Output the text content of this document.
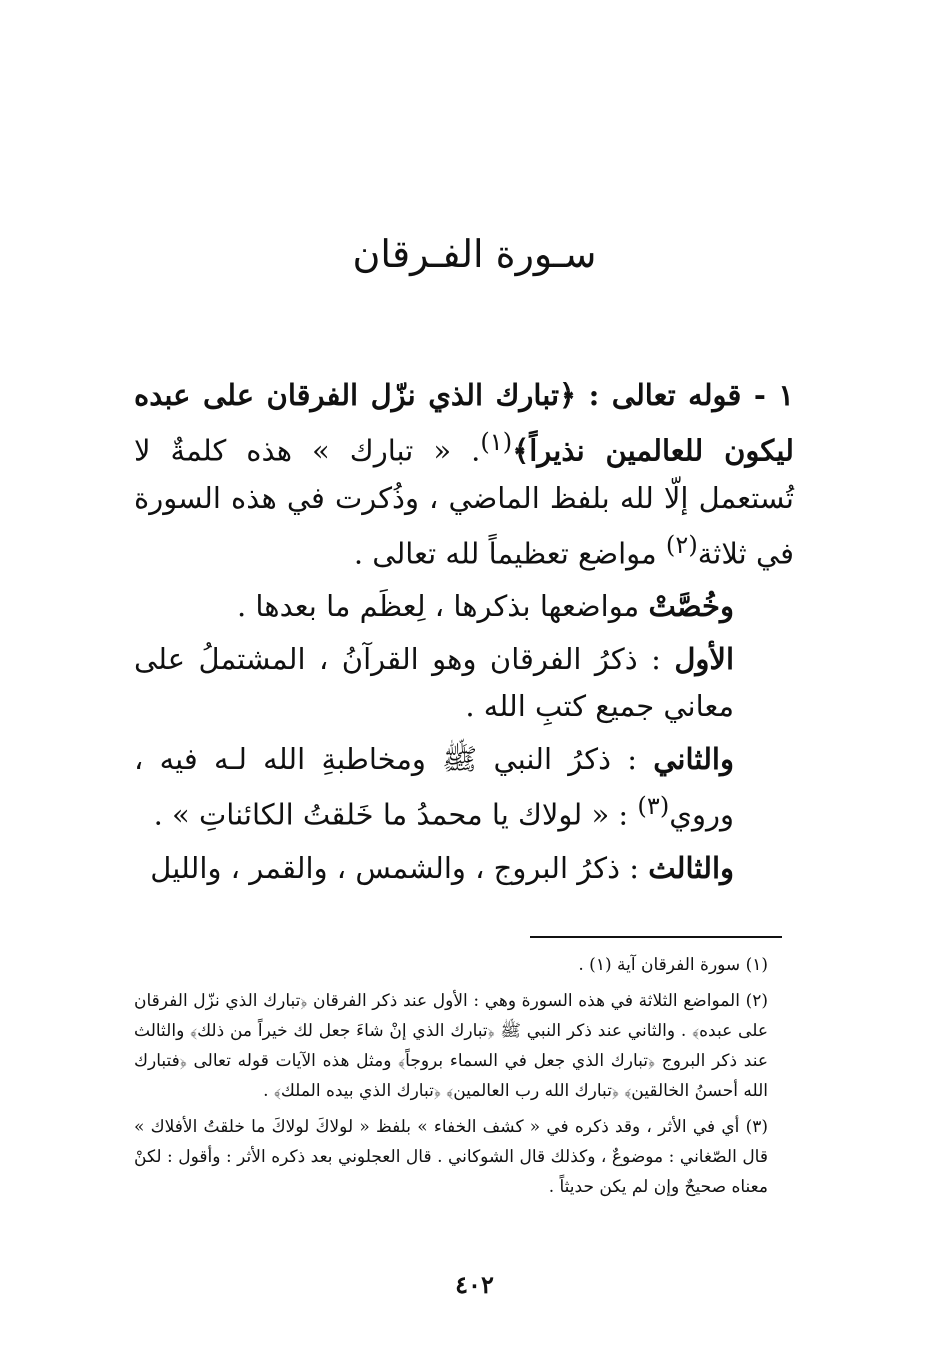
سـورة الفـرقان

١ - قوله تعالى : ﴿تبارك الذي نزّل الفرقان على عبده ليكون للعالمين نذيراً﴾$^{(١)}$. « تبارك » هذه كلمةٌ لا تُستعمل إلّا لله بلفظ الماضي ، وذُكرت في هذه السورة في ثلاثة$^{(٢)}$ مواضع تعظيماً لله تعالى .

وخُصَّتْ مواضعها بذكرها ، لِعظَم ما بعدها .

الأول : ذكرُ الفرقان وهو القرآنُ ، المشتملُ على معاني جميع كتبِ الله .

والثاني : ذكرُ النبي ﷺ ومخاطبةِ الله لـه فيه ، وروي$^{(٣)}$ : « لولاك يا محمدُ ما خَلقتُ الكائناتِ » .

والثالث : ذكرُ البروج ، والشمس ، والقمر ، والليل

(١) سورة الفرقان آية (١) .

(٢) المواضع الثلاثة في هذه السورة وهي : الأول عند ذكر الفرقان ﴿تبارك الذي نزّل الفرقان على عبده﴾ . والثاني عند ذكر النبي ﷺ ﴿تبارك الذي إنْ شاءَ جعل لك خيراً من ذلك﴾ والثالث عند ذكر البروج ﴿تبارك الذي جعل في السماء بروجاً﴾ ومثل هذه الآيات قوله تعالى ﴿فتبارك الله أحسنُ الخالقين﴾ ﴿تبارك الله رب العالمين﴾ ﴿تبارك الذي بيده الملك﴾ .

(٣) أي في الأثر ، وقد ذكره في « كشف الخفاء » بلفظ « لولاكَ لولاكَ ما خلقتُ الأفلاك » قال الصّغاني : موضوعٌ ، وكذلك قال الشوكاني . قال العجلوني بعد ذكره الأثر : وأقول : لكنْ معناه صحيحٌ وإن لم يكن حديثاً .

٤٠٢
